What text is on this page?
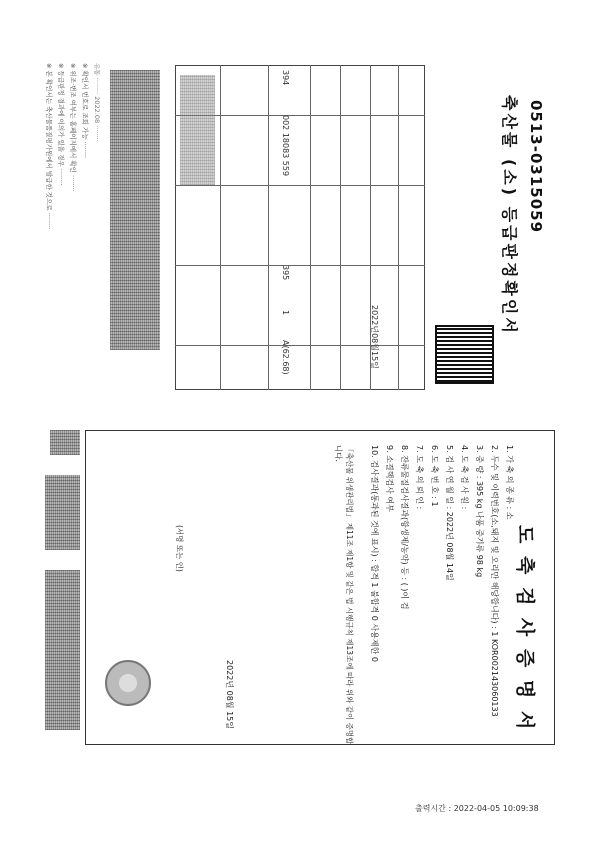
※ 본 확인서는 축산물품질평가원에서 발급한 것으로 ········ ※ 등급판정 결과에 이의가 있을 경우 ········ ※ 위조·변조 여부는 홈페이지에서 확인 ········ ※ 확인서 번호로 조회 가능 ········ 유통 ········ 2022.08 ········	394
002 18083 559
395
1
A(62.68)	2022년08월15일
0513-0315059
축산물 (소) 등급판정확인서
도 축 검 사 증 명 서
1. 가 축 의 종 류 : 소
2. 두수 및 이력번호(소,돼지 및 오리만 해당합니다) : 1 KOR002143060133
3. 중 량 : 395 kg 나품 중기류 98 kg
4. 도 축 검 사 원 :
5. 검 사 연 월 일 : 2022년 08월 14일
6. 도 축 번 호 : 1
7. 도 축 의 뢰 인 :
8. 잔류물질검사결과(항생제/농약) 등 : ( )이 검
9. 소결핵검사 여부
10. 검사결과(통과된 것에 표시) : 합격 1 불합격 0 사용제한 0
「축산물 위생관리법」 제11조 제1항 및 같은 법 시행규칙 제13조에 따라 위와 같이 증명합니다.
2022년 08월 15일
(서명 또는 인)
출력시간 : 2022-04-05 10:09:38
